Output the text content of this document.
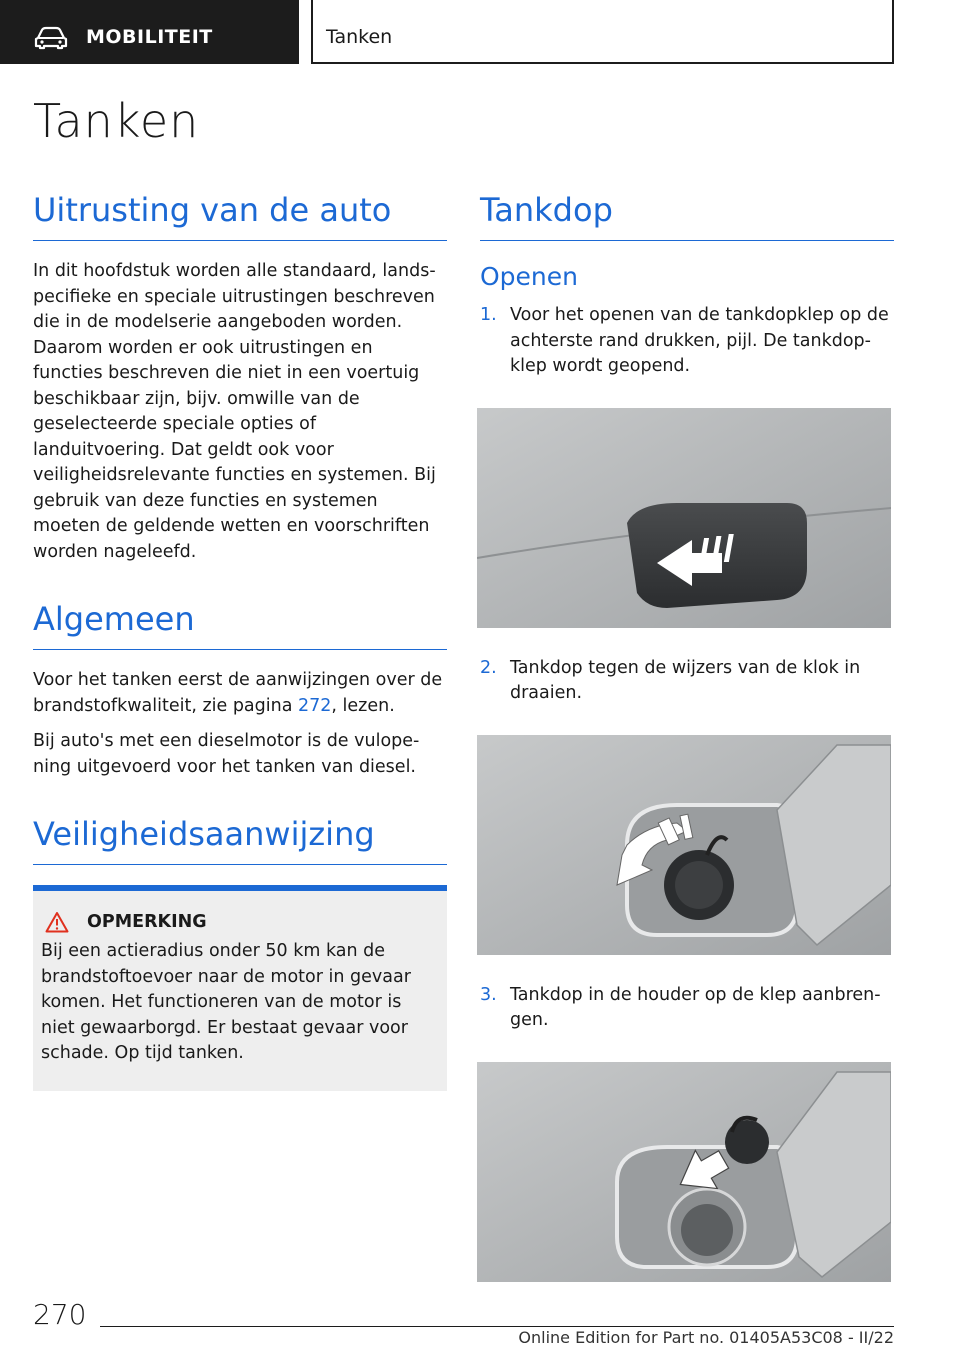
MOBILITEIT	Tanken
Tanken
Uitrusting van de auto

In dit hoofdstuk worden alle standaard, landspecifieke en speciale uitrustingen beschreven die in de modelserie aangeboden worden. Daarom worden er ook uitrustingen en functies beschreven die niet in een voertuig beschikbaar zijn, bijv. omwille van de geselecteerde speciale opties of landuitvoering. Dat geldt ook voor veiligheidsrelevante functies en systemen. Bij gebruik van deze functies en systemen moeten de geldende wetten en voorschriften worden nageleefd.

Algemeen

Voor het tanken eerst de aanwijzingen over de brandstofkwaliteit, zie pagina 272, lezen.

Bij auto's met een dieselmotor is de vulopening uitgevoerd voor het tanken van diesel.

Veiligheidsaanwijzing
OPMERKING

Bij een actieradius onder 50 km kan de brandstoftoevoer naar de motor in gevaar komen. Het functioneren van de motor is niet gewaarborgd. Er bestaat gevaar voor schade. Op tijd tanken.

Tankdop
Openen
1. Voor het openen van de tankdopklep op de achterste rand drukken, pijl. De tankdopklep wordt geopend.
2. Tankdop tegen de wijzers van de klok in draaien.
3. Tankdop in de houder op de klep aanbrengen.
270
Online Edition for Part no. 01405A53C08 - II/22
